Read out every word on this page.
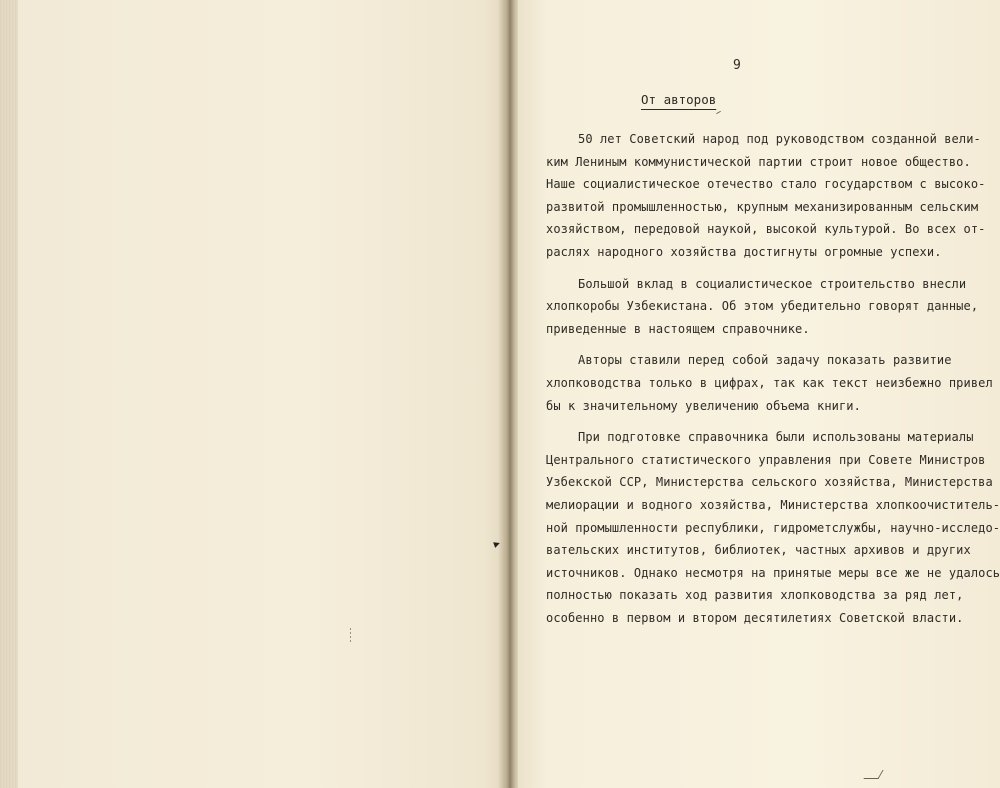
9
От авторов
50 лет Советский народ под руководством созданной вели-
ким Лениным коммунистической партии строит новое общество.
Наше социалистическое отечество стало государством с высоко-
развитой промышленностью, крупным механизированным сельским
хозяйством, передовой наукой, высокой культурой. Во всех от-
раслях народного хозяйства достигнуты огромные успехи.
Большой вклад в социалистическое строительство внесли
хлопкоробы Узбекистана. Об этом убедительно говорят данные,
приведенные в настоящем справочнике.
Авторы ставили перед собой задачу показать развитие
хлопководства только в цифрах, так как текст неизбежно привел
бы к значительному увеличению объема книги.
При подготовке справочника были использованы материалы
Центрального статистического управления при Совете Министров
Узбекской ССР, Министерства сельского хозяйства, Министерства
мелиорации и водного хозяйства, Министерства хлопкоочиститель-
ной промышленности республики, гидрометслужбы, научно-исследо-
вательских институтов, библиотек, частных архивов и других
источников. Однако несмотря на принятые меры все же не удалось
полностью показать ход развития хлопководства за ряд лет,
особенно в первом и втором десятилетиях Советской власти.
